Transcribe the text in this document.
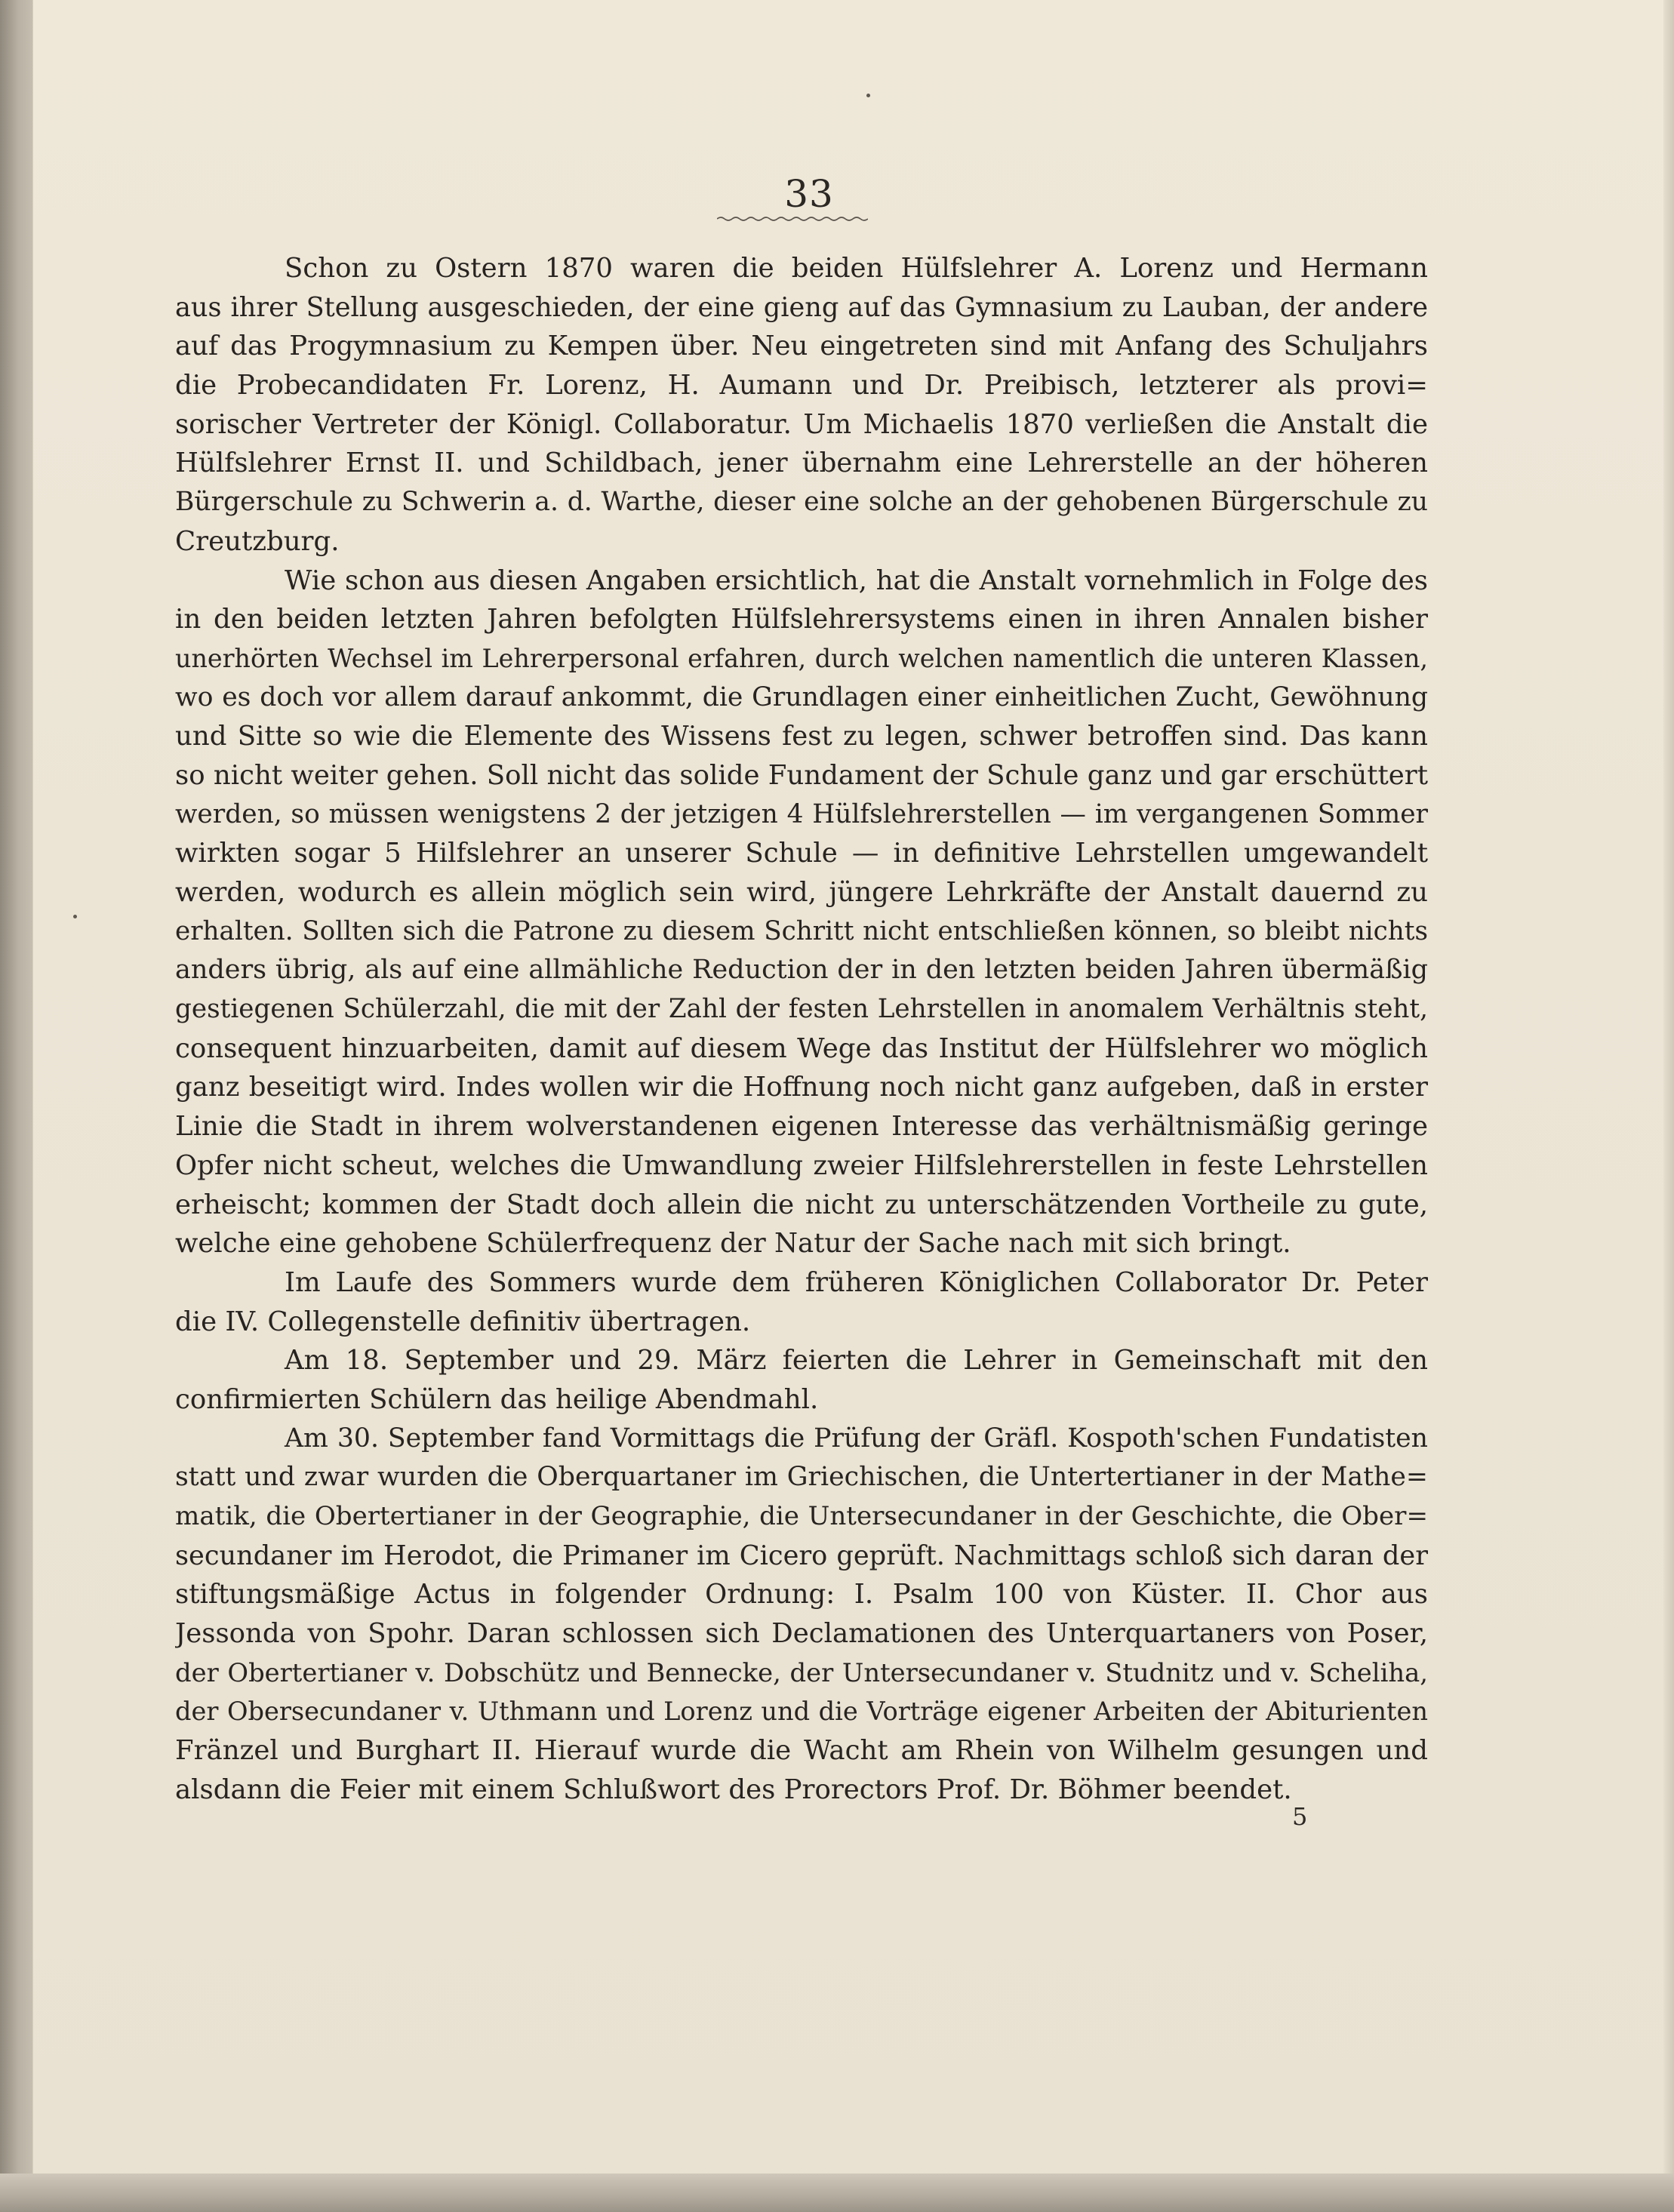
33
Schon zu Ostern 1870 waren die beiden Hülfslehrer A. Lorenz und Hermann
aus ihrer Stellung ausgeschieden, der eine gieng auf das Gymnasium zu Lauban, der andere
auf das Progymnasium zu Kempen über. Neu eingetreten sind mit Anfang des Schuljahrs
die Probecandidaten Fr. Lorenz, H. Aumann und Dr. Preibisch, letzterer als provi=
sorischer Vertreter der Königl. Collaboratur. Um Michaelis 1870 verließen die Anstalt die
Hülfslehrer Ernst II. und Schildbach, jener übernahm eine Lehrerstelle an der höheren
Bürgerschule zu Schwerin a. d. Warthe, dieser eine solche an der gehobenen Bürgerschule zu
Creutzburg.
Wie schon aus diesen Angaben ersichtlich, hat die Anstalt vornehmlich in Folge des
in den beiden letzten Jahren befolgten Hülfslehrersystems einen in ihren Annalen bisher
unerhörten Wechsel im Lehrerpersonal erfahren, durch welchen namentlich die unteren Klassen,
wo es doch vor allem darauf ankommt, die Grundlagen einer einheitlichen Zucht, Gewöhnung
und Sitte so wie die Elemente des Wissens fest zu legen, schwer betroffen sind. Das kann
so nicht weiter gehen. Soll nicht das solide Fundament der Schule ganz und gar erschüttert
werden, so müssen wenigstens 2 der jetzigen 4 Hülfslehrerstellen — im vergangenen Sommer
wirkten sogar 5 Hilfslehrer an unserer Schule — in definitive Lehrstellen umgewandelt
werden, wodurch es allein möglich sein wird, jüngere Lehrkräfte der Anstalt dauernd zu
erhalten. Sollten sich die Patrone zu diesem Schritt nicht entschließen können, so bleibt nichts
anders übrig, als auf eine allmähliche Reduction der in den letzten beiden Jahren übermäßig
gestiegenen Schülerzahl, die mit der Zahl der festen Lehrstellen in anomalem Verhältnis steht,
consequent hinzuarbeiten, damit auf diesem Wege das Institut der Hülfslehrer wo möglich
ganz beseitigt wird. Indes wollen wir die Hoffnung noch nicht ganz aufgeben, daß in erster
Linie die Stadt in ihrem wolverstandenen eigenen Interesse das verhältnismäßig geringe
Opfer nicht scheut, welches die Umwandlung zweier Hilfslehrerstellen in feste Lehrstellen
erheischt; kommen der Stadt doch allein die nicht zu unterschätzenden Vortheile zu gute,
welche eine gehobene Schülerfrequenz der Natur der Sache nach mit sich bringt.
Im Laufe des Sommers wurde dem früheren Königlichen Collaborator Dr. Peter
die IV. Collegenstelle definitiv übertragen.
Am 18. September und 29. März feierten die Lehrer in Gemeinschaft mit den
confirmierten Schülern das heilige Abendmahl.
Am 30. September fand Vormittags die Prüfung der Gräfl. Kospoth'schen Fundatisten
statt und zwar wurden die Oberquartaner im Griechischen, die Untertertianer in der Mathe=
matik, die Obertertianer in der Geographie, die Untersecundaner in der Geschichte, die Ober=
secundaner im Herodot, die Primaner im Cicero geprüft. Nachmittags schloß sich daran der
stiftungsmäßige Actus in folgender Ordnung: I. Psalm 100 von Küster. II. Chor aus
Jessonda von Spohr. Daran schlossen sich Declamationen des Unterquartaners von Poser,
der Obertertianer v. Dobschütz und Bennecke, der Untersecundaner v. Studnitz und v. Scheliha,
der Obersecundaner v. Uthmann und Lorenz und die Vorträge eigener Arbeiten der Abiturienten
Fränzel und Burghart II. Hierauf wurde die Wacht am Rhein von Wilhelm gesungen und
alsdann die Feier mit einem Schlußwort des Prorectors Prof. Dr. Böhmer beendet.
5
